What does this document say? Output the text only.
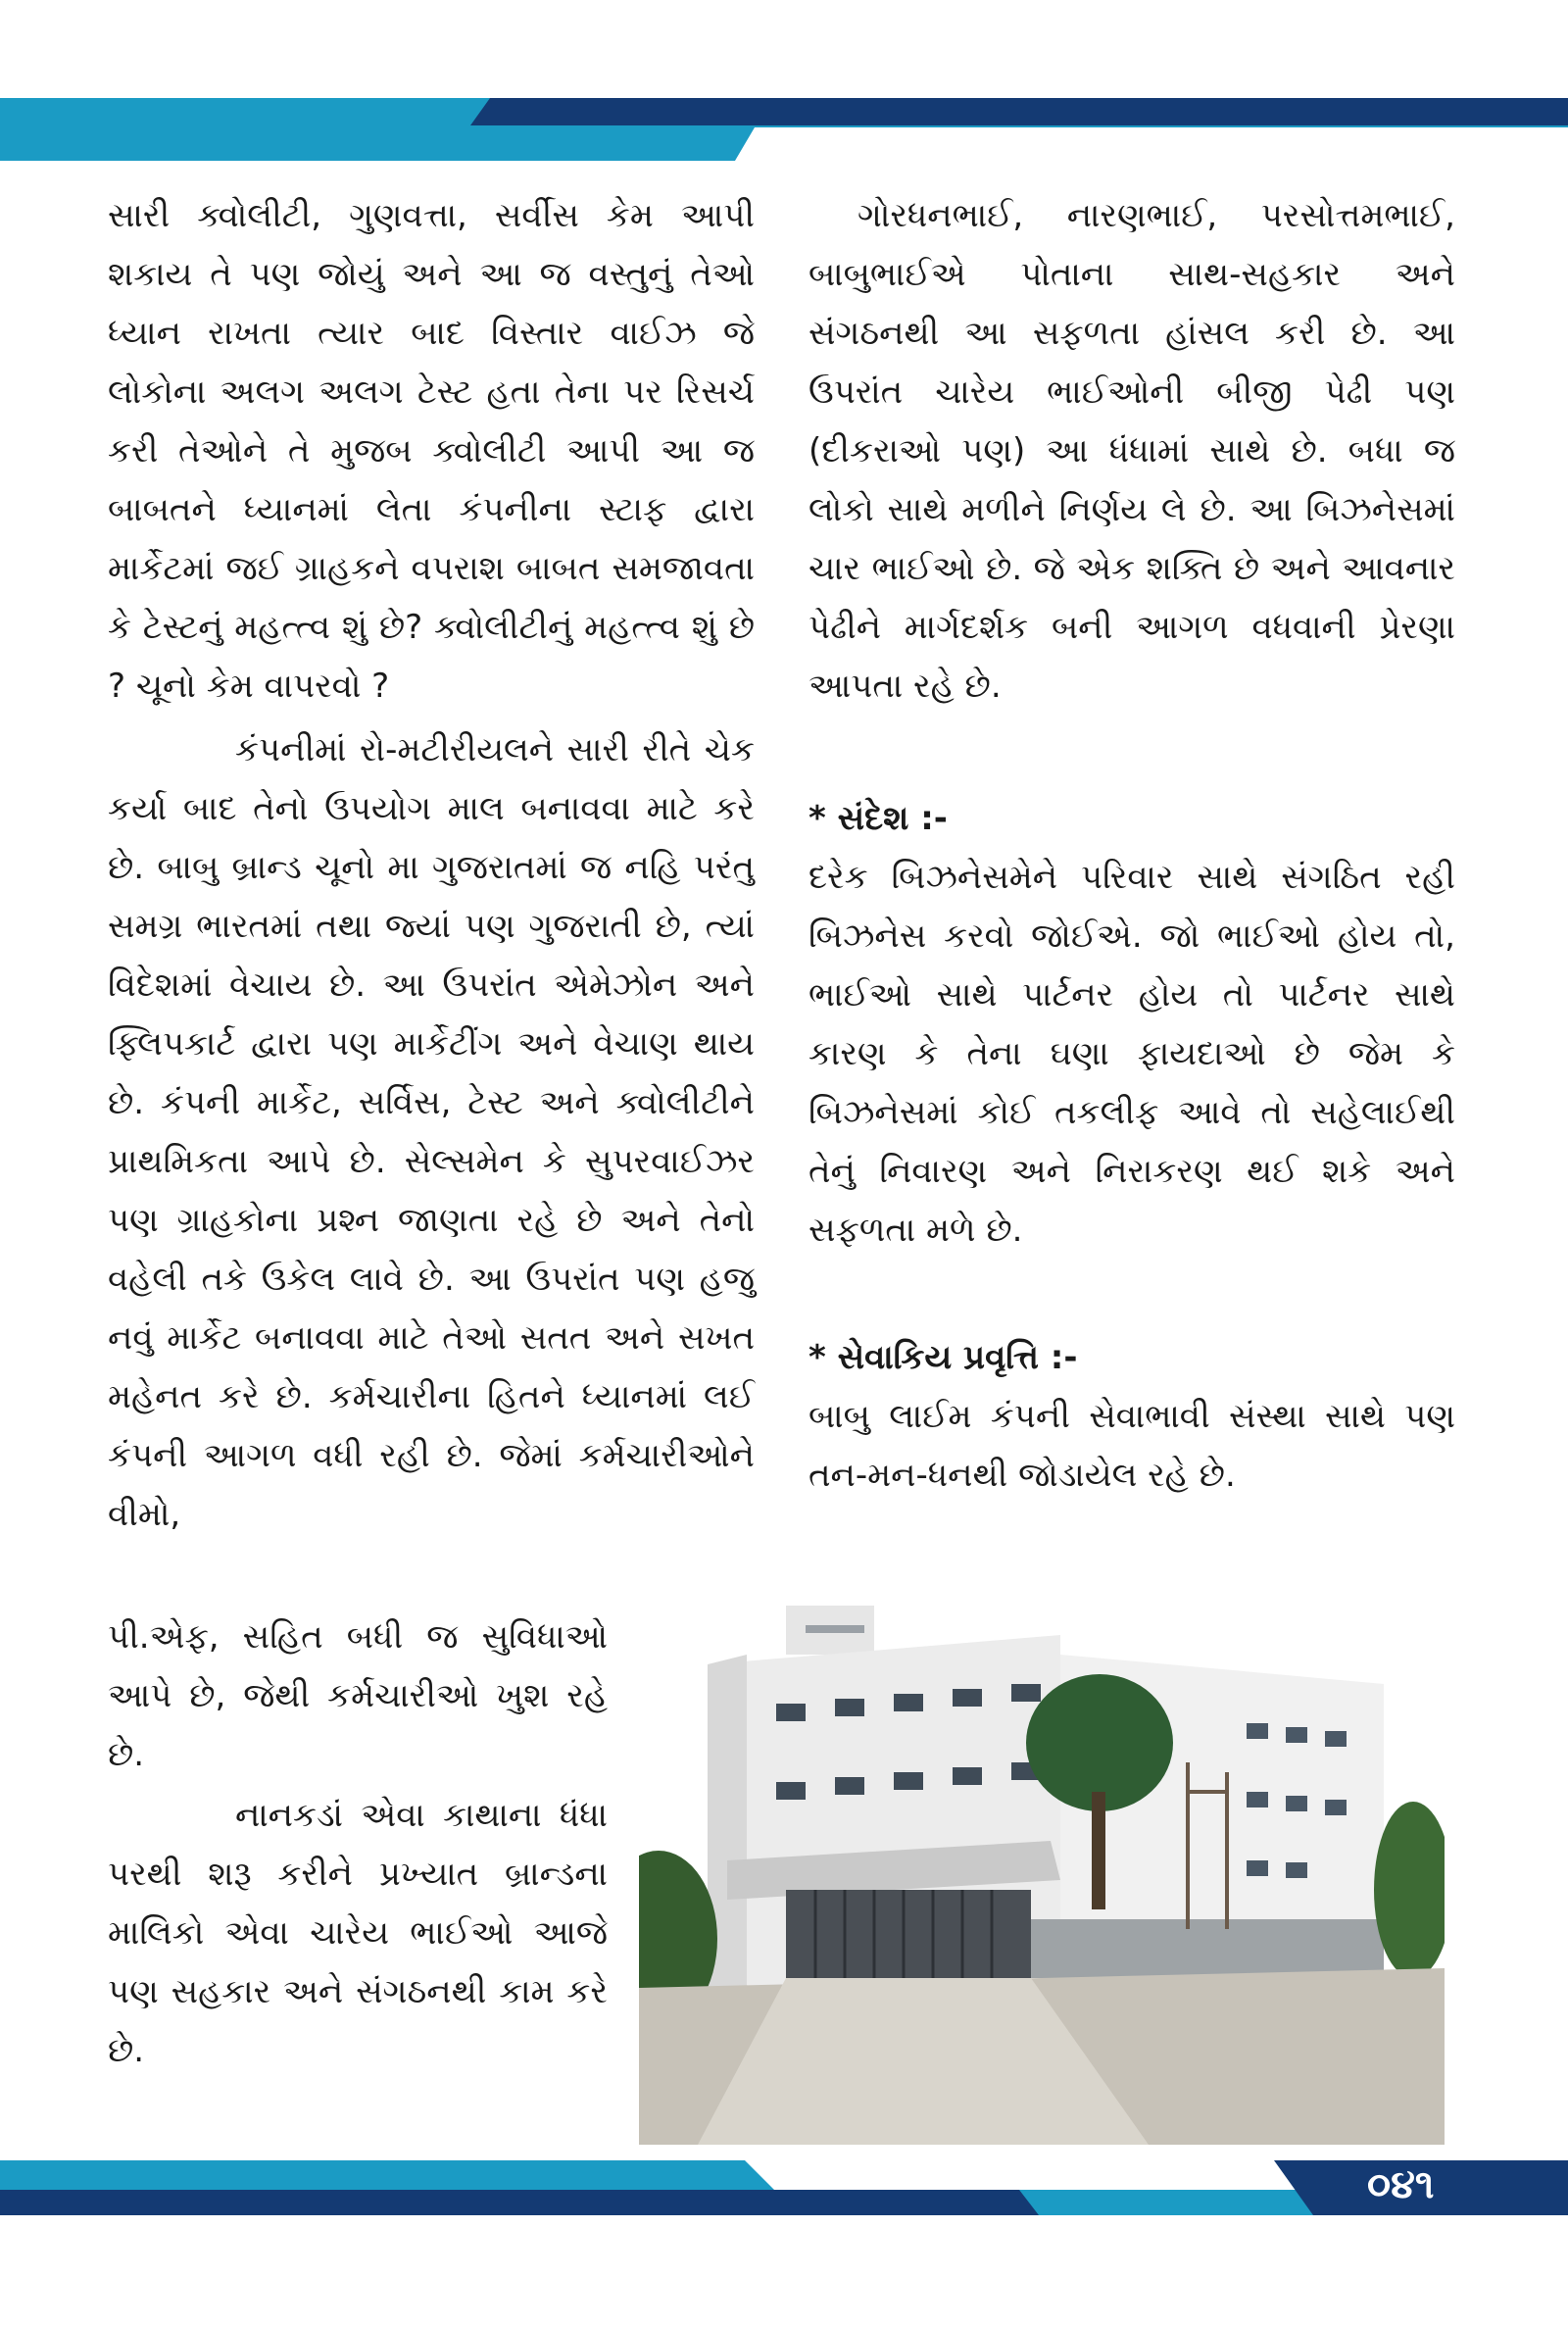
સારી ક્વોલીટી, ગુણવત્તા, સર્વીસ કેમ આપી શકાય તે પણ જોયું અને આ જ વસ્તુનું તેઓ ધ્યાન રાખતા ત્યાર બાદ વિસ્તાર વાઈઝ જે લોકોના અલગ અલગ ટેસ્ટ હતા તેના પર રિસર્ચ કરી તેઓને તે મુજબ ક્વોલીટી આપી આ જ બાબતને ધ્યાનમાં લેતા કંપનીના સ્ટાફ દ્વારા માર્કેટમાં જઈ ગ્રાહકને વપરાશ બાબત સમજાવતા કે ટેસ્ટનું મહત્ત્વ શું છે? ક્વોલીટીનું મહત્ત્વ શું છે ? ચૂનો કેમ વાપરવો ?

કંપનીમાં રો-મટીરીયલને સારી રીતે ચેક કર્યા બાદ તેનો ઉપયોગ માલ બનાવવા માટે કરે છે. બાબુ બ્રાન્ડ ચૂનો મા ગુજરાતમાં જ નહિ પરંતુ સમગ્ર ભારતમાં તથા જ્યાં પણ ગુજરાતી છે, ત્યાં વિદેશમાં વેચાય છે. આ ઉપરાંત એમેઝોન અને ફ્લિપકાર્ટ દ્વારા પણ માર્કેટીંગ અને વેચાણ થાય છે. કંપની માર્કેટ, સર્વિસ, ટેસ્ટ અને ક્વોલીટીને પ્રાથમિકતા આપે છે. સેલ્સમેન કે સુપરવાઈઝર પણ ગ્રાહકોના પ્રશ્ન જાણતા રહે છે અને તેનો વહેલી તકે ઉકેલ લાવે છે. આ ઉપરાંત પણ હજુ નવું માર્કેટ બનાવવા માટે તેઓ સતત અને સખત મહેનત કરે છે. કર્મચારીના હિતને ધ્યાનમાં લઈ કંપની આગળ વધી રહી છે. જેમાં કર્મચારીઓને વીમો,

પી.એફ, સહિત બધી જ સુવિધાઓ આપે છે, જેથી કર્મચારીઓ ખુશ રહે છે.

નાનકડાં એવા કાથાના ધંધા પરથી શરૂ કરીને પ્રખ્યાત બ્રાન્ડના માલિકો એવા ચારેય ભાઈઓ આજે પણ સહકાર અને સંગઠનથી કામ કરે છે.

ગોરધનભાઈ, નારણભાઈ, પરસોત્તમભાઈ, બાબુભાઈએ પોતાના સાથ-સહકાર અને સંગઠનથી આ સફળતા હાંસલ કરી છે. આ ઉપરાંત ચારેય ભાઈઓની બીજી પેઢી પણ (દીકરાઓ પણ) આ ધંધામાં સાથે છે. બધા જ લોકો સાથે મળીને નિર્ણય લે છે. આ બિઝનેસમાં ચાર ભાઈઓ છે. જે એક શક્તિ છે અને આવનાર પેઢીને માર્ગદર્શક બની આગળ વધવાની પ્રેરણા આપતા રહે છે.

* સંદેશ :-

દરેક બિઝનેસમેને પરિવાર સાથે સંગઠિત રહી બિઝનેસ કરવો જોઈએ. જો ભાઈઓ હોય તો, ભાઈઓ સાથે પાર્ટનર હોય તો પાર્ટનર સાથે કારણ કે તેના ઘણા ફાયદાઓ છે જેમ કે બિઝનેસમાં કોઈ તકલીફ આવે તો સહેલાઈથી તેનું નિવારણ અને નિરાકરણ થઈ શકે અને સફળતા મળે છે.

* સેવાકિય પ્રવૃત્તિ :-

બાબુ લાઈમ કંપની સેવાભાવી સંસ્થા સાથે પણ તન-મન-ધનથી જોડાયેલ રહે છે.

૦૪૧
